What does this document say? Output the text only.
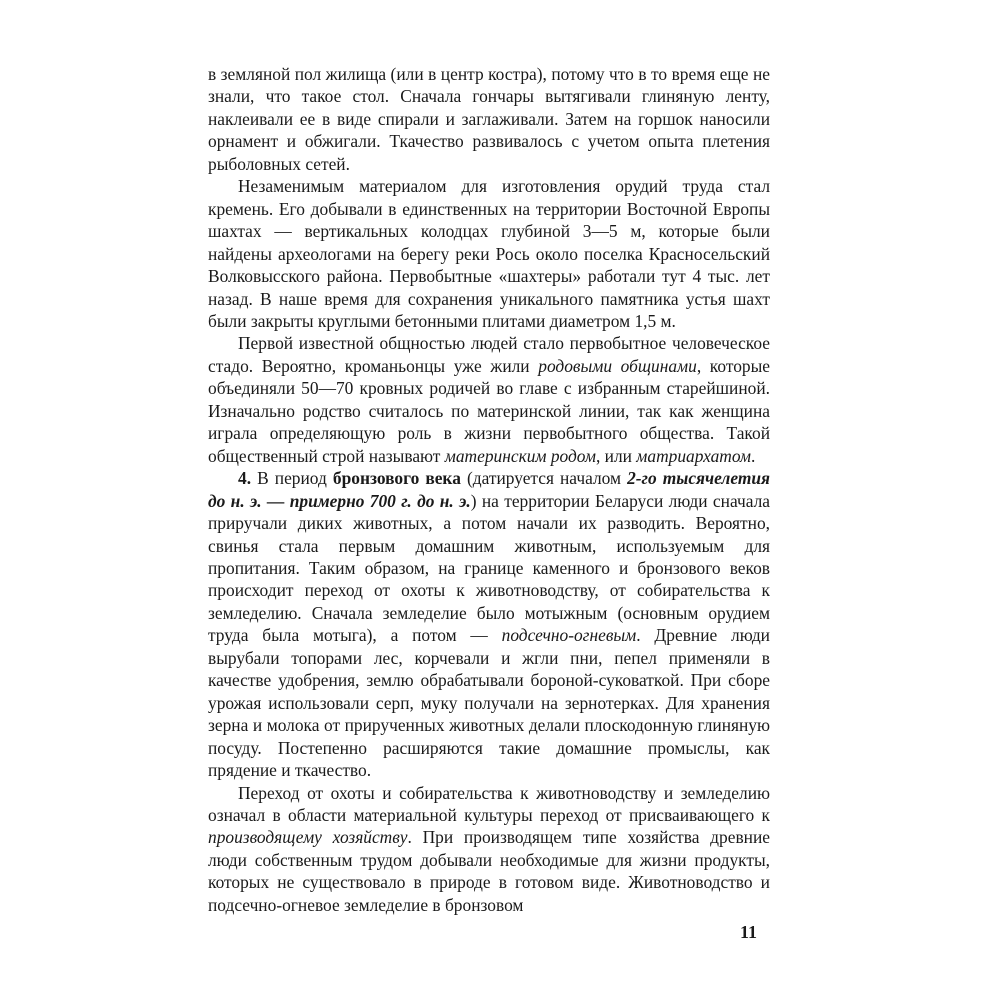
в земляной пол жилища (или в центр костра), потому что в то время еще не знали, что такое стол. Сначала гончары вытягивали глиняную ленту, наклеивали ее в виде спирали и заглаживали. Затем на горшок наносили орнамент и обжигали. Ткачество развивалось с учетом опыта плетения рыболовных сетей.

Незаменимым материалом для изготовления орудий труда стал кремень. Его добывали в единственных на территории Восточной Европы шахтах — вертикальных колодцах глубиной 3—5 м, которые были найдены археологами на берегу реки Рось около поселка Красносельский Волковысского района. Первобытные «шахтеры» работали тут 4 тыс. лет назад. В наше время для сохранения уникального памятника устья шахт были закрыты круглыми бетонными плитами диаметром 1,5 м.

Первой известной общностью людей стало первобытное человеческое стадо. Вероятно, кроманьонцы уже жили родовыми общинами, которые объединяли 50—70 кровных родичей во главе с избранным старейшиной. Изначально родство считалось по материнской линии, так как женщина играла определяющую роль в жизни первобытного общества. Такой общественный строй называют материнским родом, или матриархатом.

4. В период бронзового века (датируется началом 2-го тысячелетия до н. э. — примерно 700 г. до н. э.) на территории Беларуси люди сначала приручали диких животных, а потом начали их разводить. Вероятно, свинья стала первым домашним животным, используемым для пропитания. Таким образом, на границе каменного и бронзового веков происходит переход от охоты к животноводству, от собирательства к земледелию. Сначала земледелие было мотыжным (основным орудием труда была мотыга), а потом — подсечно-огневым. Древние люди вырубали топорами лес, корчевали и жгли пни, пепел применяли в качестве удобрения, землю обрабатывали бороной-суковаткой. При сборе урожая использовали серп, муку получали на зернотерках. Для хранения зерна и молока от прирученных животных делали плоскодонную глиняную посуду. Постепенно расширяются такие домашние промыслы, как прядение и ткачество.

Переход от охоты и собирательства к животноводству и земледелию означал в области материальной культуры переход от присваивающего к производящему хозяйству. При производящем типе хозяйства древние люди собственным трудом добывали необходимые для жизни продукты, которых не существовало в природе в готовом виде. Животноводство и подсечно-огневое земледелие в бронзовом

11
